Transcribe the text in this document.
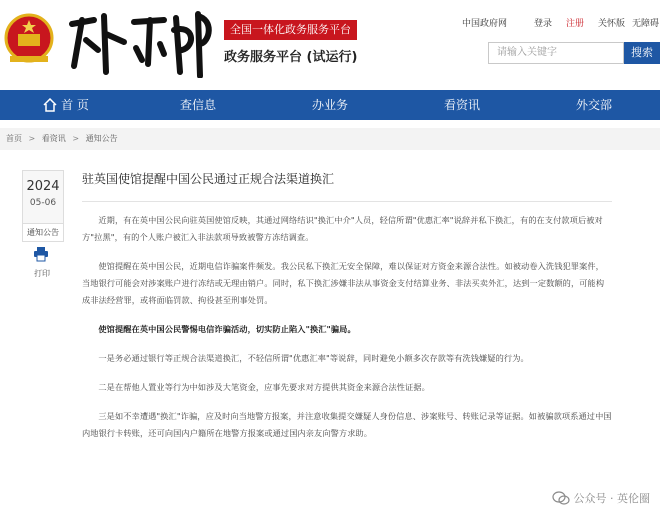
全国一体化政务服务平台
政务服务平台 (试运行)
中国政府网	登录 注册 关怀版 无障碍
请输入关键字	搜索
首 页	查信息	办业务	看资讯	外交部
首页 > 看资讯 > 通知公告
2024
05-06
通知公告
打印
驻英国使馆提醒中国公民通过正规合法渠道换汇

近期，有在英中国公民向驻英国使馆反映，其通过网络结识"换汇中介"人员，轻信所谓"优惠汇率"说辞并私下换汇，有的在支付款项后被对方"拉黑"，有的个人账户被汇入非法款项导致被警方冻结调查。

使馆提醒在英中国公民，近期电信诈骗案件频发。我公民私下换汇无安全保障，难以保证对方资金来源合法性。如被动卷入洗钱犯罪案件，当地银行可能会对涉案账户进行冻结或无理由销户。同时，私下换汇涉嫌非法从事资金支付结算业务、非法买卖外汇，达到一定数额的，可能构成非法经营罪，或将面临罚款、拘役甚至刑事处罚。

使馆提醒在英中国公民警惕电信诈骗活动，切实防止陷入"换汇"骗局。

一是务必通过银行等正规合法渠道换汇，不轻信所谓"优惠汇率"等说辞，同时避免小额多次存款等有洗钱嫌疑的行为。

二是在帮他人置业等行为中如涉及大笔资金，应事先要求对方提供其资金来源合法性证据。

三是如不幸遭遇"换汇"诈骗，应及时向当地警方报案，并注意收集提交嫌疑人身份信息、涉案账号、转账记录等证据。如被骗款项系通过中国内地银行卡转账，还可向国内户籍所在地警方报案或通过国内亲友向警方求助。

公众号 · 英伦圈
